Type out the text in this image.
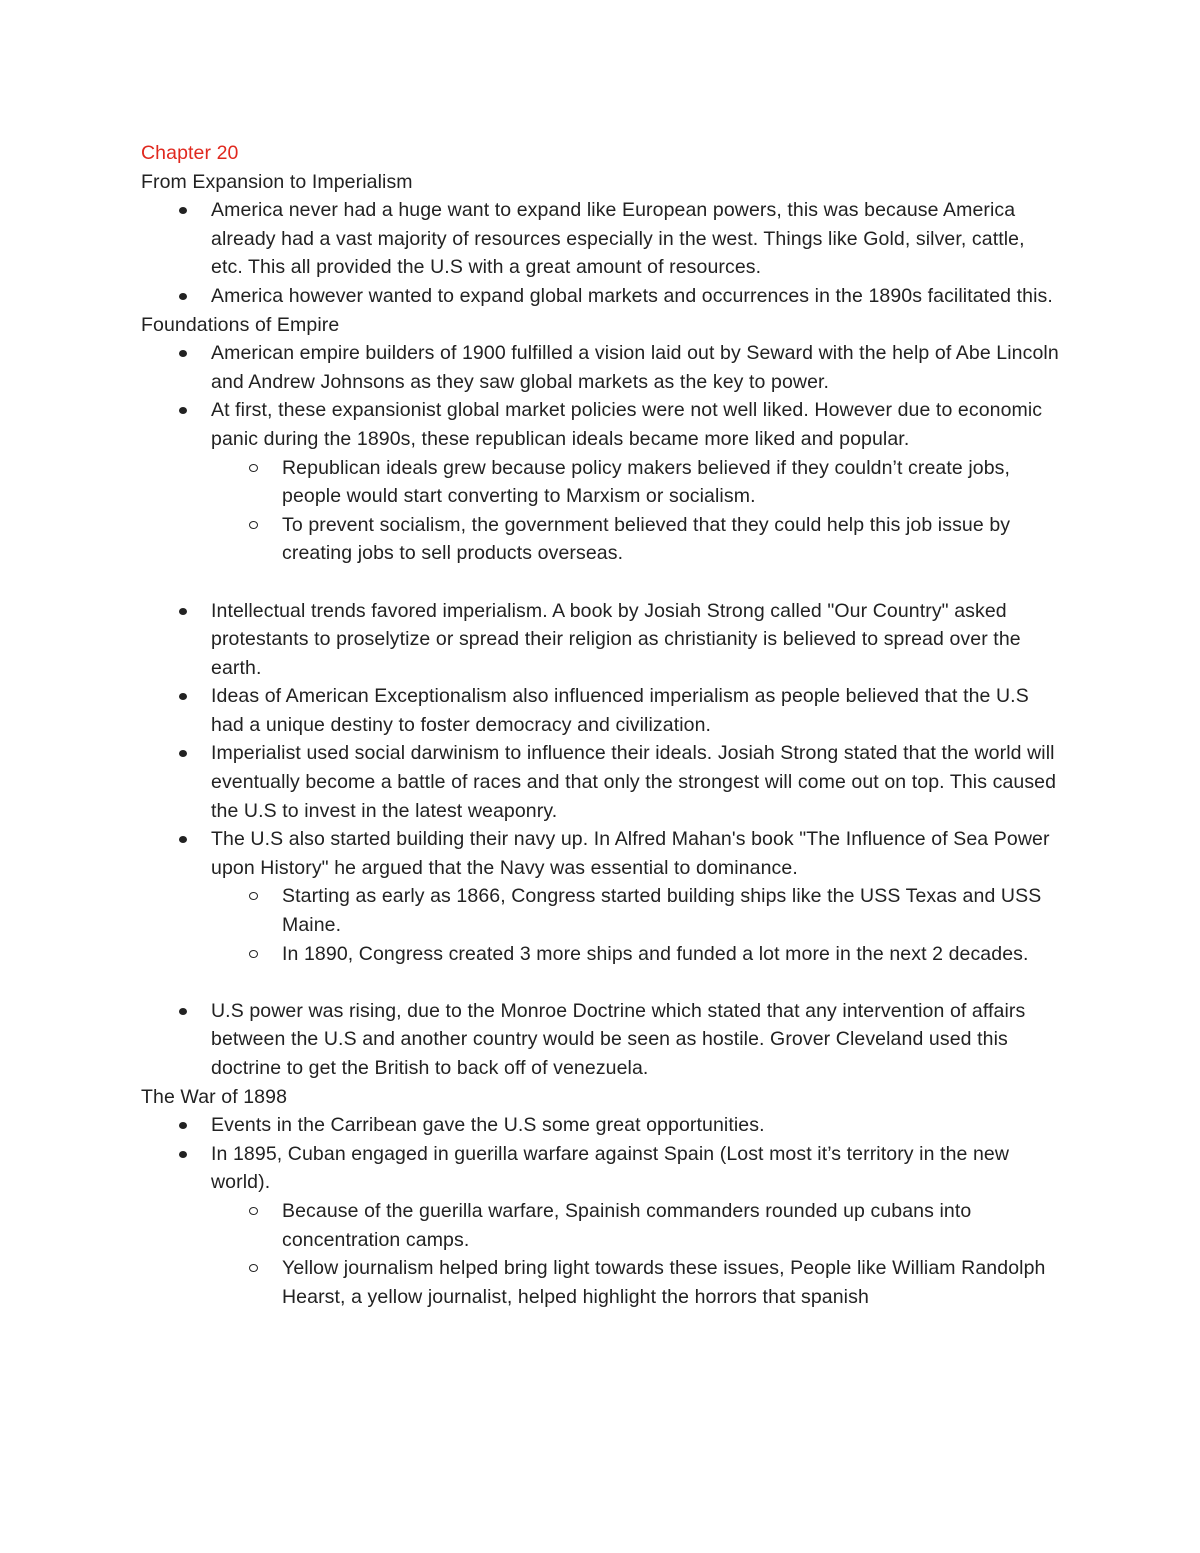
Chapter 20

From Expansion to Imperialism

America never had a huge want to expand like European powers, this was because America already had a vast majority of resources especially in the west. Things like Gold, silver, cattle, etc. This all provided the U.S with a great amount of resources.
America however wanted to expand global markets and occurrences in the 1890s facilitated this.

Foundations of Empire

American empire builders of 1900 fulfilled a vision laid out by Seward with the help of Abe Lincoln and Andrew Johnsons as they saw global markets as the key to power.
At first, these expansionist global market policies were not well liked. However due to economic panic during the 1890s, these republican ideals became more liked and popular.
Republican ideals grew because policy makers believed if they couldn’t create jobs, people would start converting to Marxism or socialism.
To prevent socialism, the government believed that they could help this job issue by creating jobs to sell products overseas.
Intellectual trends favored imperialism. A book by Josiah Strong called "Our Country" asked protestants to proselytize or spread their religion as christianity is believed to spread over the earth.
Ideas of American Exceptionalism also influenced imperialism as people believed that the U.S had a unique destiny to foster democracy and civilization.
Imperialist used social darwinism to influence their ideals. Josiah Strong stated that the world will eventually become a battle of races and that only the strongest will come out on top. This caused the U.S to invest in the latest weaponry.
The U.S also started building their navy up. In Alfred Mahan's book "The Influence of Sea Power upon History" he argued that the Navy was essential to dominance.
Starting as early as 1866, Congress started building ships like the USS Texas and USS Maine.
In 1890, Congress created 3 more ships and funded a lot more in the next 2 decades.
U.S power was rising, due to the Monroe Doctrine which stated that any intervention of affairs between the U.S and another country would be seen as hostile. Grover Cleveland used this doctrine to get the British to back off of venezuela.

The War of 1898

Events in the Carribean gave the U.S some great opportunities.
In 1895, Cuban engaged in guerilla warfare against Spain (Lost most it’s territory in the new world).
Because of the guerilla warfare, Spainish commanders rounded up cubans into concentration camps.
Yellow journalism helped bring light towards these issues, People like William Randolph Hearst, a yellow journalist, helped highlight the horrors that spanish
